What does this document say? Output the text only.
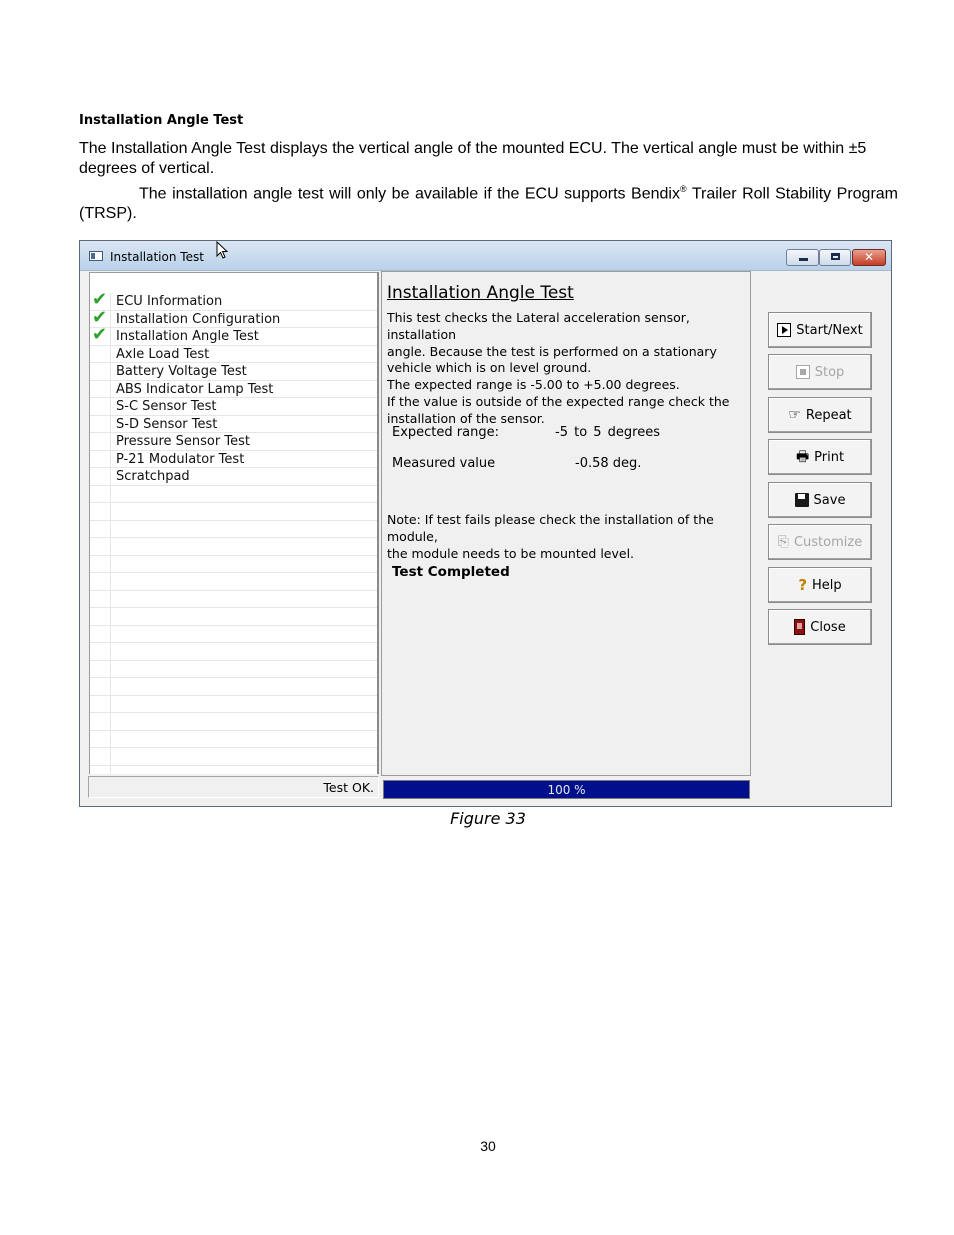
Installation Angle Test
The Installation Angle Test displays the vertical angle of the mounted ECU. The vertical angle must be within ±5 degrees of vertical.
The installation angle test will only be available if the ECU supports Bendix® Trailer Roll Stability Program (TRSP).
Installation Test	✕
✔ ECU Information
✔ Installation Configuration
✔ Installation Angle Test
Axle Load Test
Battery Voltage Test
ABS Indicator Lamp Test
S-C Sensor Test
S-D Sensor Test
Pressure Sensor Test
P-21 Modulator Test
Scratchpad
Installation Angle Test
This test checks the Lateral acceleration sensor, installation
angle. Because the test is performed on a stationary
vehicle which is on level ground.
The expected range is -5.00 to +5.00 degrees.
If the value is outside of the expected range check the
installation of the sensor.
Expected range:	-5 to 5 degrees
Measured value	-0.58 deg.
Note: If test fails please check the installation of the module,
the module needs to be mounted level.
Test Completed
Start/Next
Stop
☞ Repeat
🖶 Print
Save
⎘ Customize
? Help
Close
Test OK.	100 %
Figure 33
30
